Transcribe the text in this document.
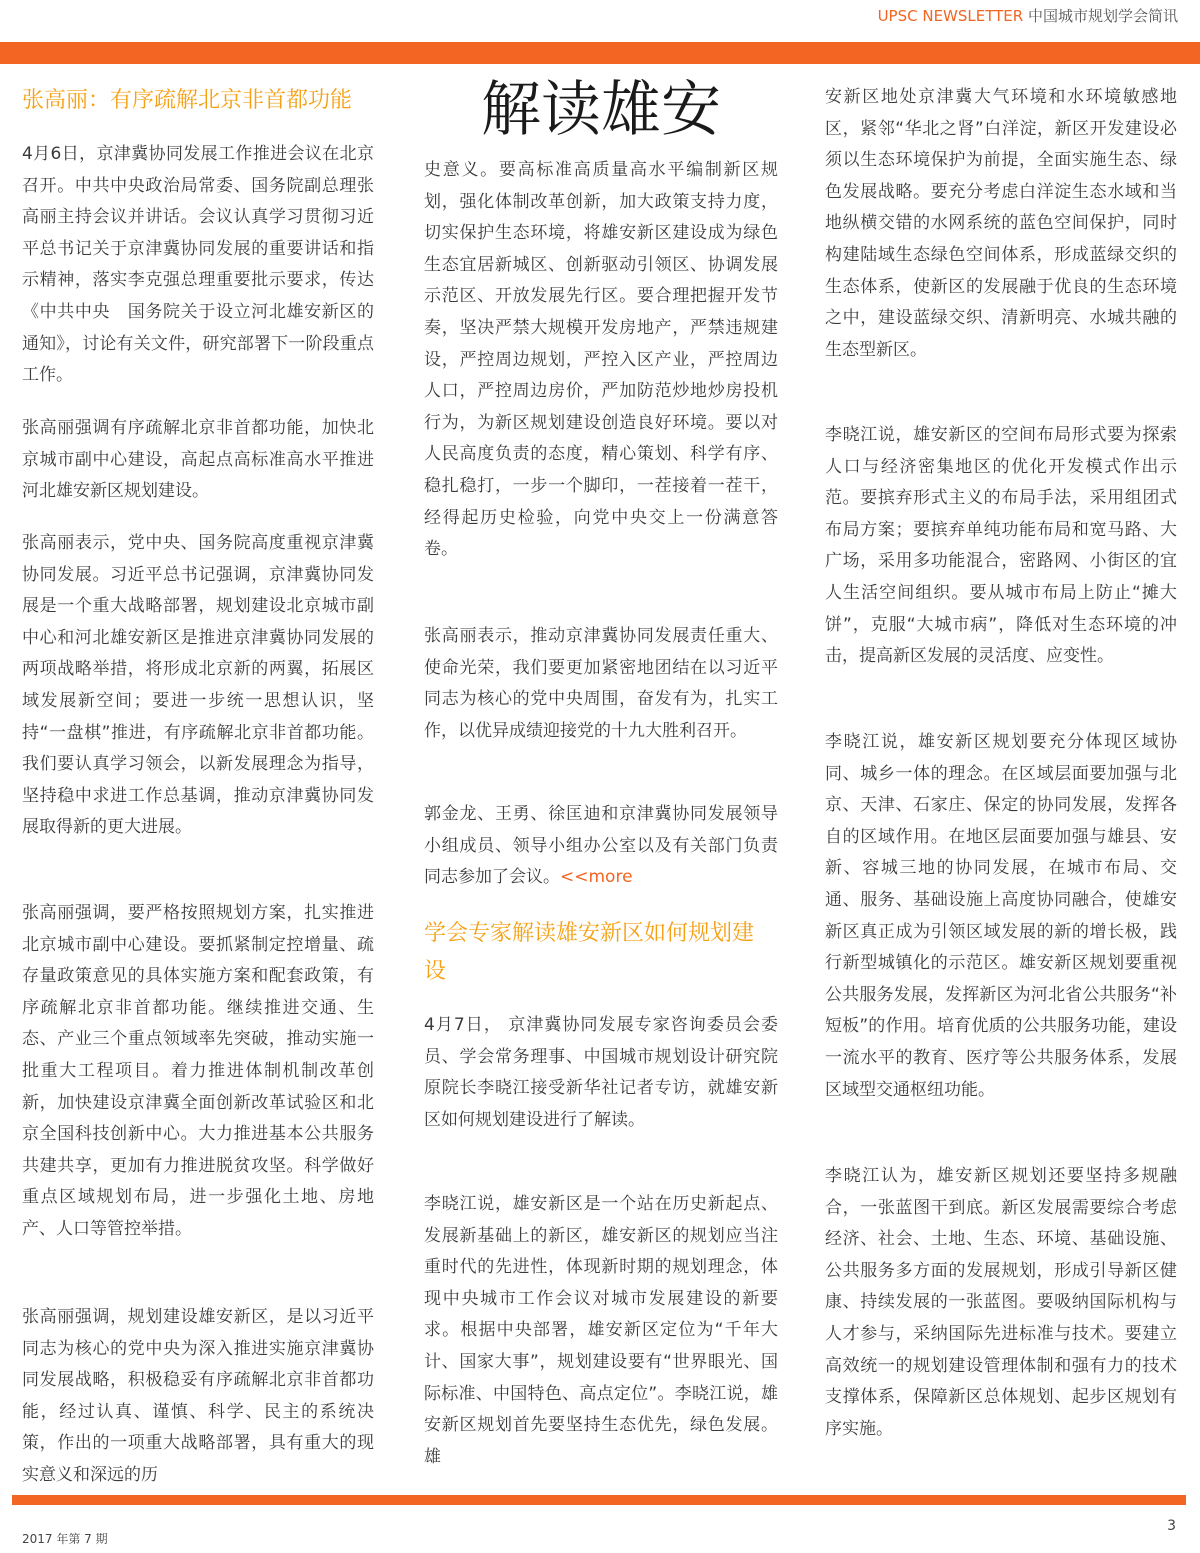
UPSC NEWSLETTER 中国城市规划学会简讯
解读雄安
张高丽：有序疏解北京非首都功能

4月6日，京津冀协同发展工作推进会议在北京召开。中共中央政治局常委、国务院副总理张高丽主持会议并讲话。会议认真学习贯彻习近平总书记关于京津冀协同发展的重要讲话和指示精神，落实李克强总理重要批示要求，传达《中共中央　国务院关于设立河北雄安新区的通知》，讨论有关文件，研究部署下一阶段重点工作。

张高丽强调有序疏解北京非首都功能，加快北京城市副中心建设，高起点高标准高水平推进河北雄安新区规划建设。

张高丽表示，党中央、国务院高度重视京津冀协同发展。习近平总书记强调，京津冀协同发展是一个重大战略部署，规划建设北京城市副中心和河北雄安新区是推进京津冀协同发展的两项战略举措，将形成北京新的两翼，拓展区域发展新空间；要进一步统一思想认识，坚持“一盘棋”推进，有序疏解北京非首都功能。我们要认真学习领会，以新发展理念为指导，坚持稳中求进工作总基调，推动京津冀协同发展取得新的更大进展。

张高丽强调，要严格按照规划方案，扎实推进北京城市副中心建设。要抓紧制定控增量、疏存量政策意见的具体实施方案和配套政策，有序疏解北京非首都功能。继续推进交通、生态、产业三个重点领域率先突破，推动实施一批重大工程项目。着力推进体制机制改革创新，加快建设京津冀全面创新改革试验区和北京全国科技创新中心。大力推进基本公共服务共建共享，更加有力推进脱贫攻坚。科学做好重点区域规划布局，进一步强化土地、房地产、人口等管控举措。

张高丽强调，规划建设雄安新区，是以习近平同志为核心的党中央为深入推进实施京津冀协同发展战略，积极稳妥有序疏解北京非首都功能，经过认真、谨慎、科学、民主的系统决策，作出的一项重大战略部署，具有重大的现实意义和深远的历

史意义。要高标准高质量高水平编制新区规划，强化体制改革创新，加大政策支持力度，切实保护生态环境，将雄安新区建设成为绿色生态宜居新城区、创新驱动引领区、协调发展示范区、开放发展先行区。要合理把握开发节奏，坚决严禁大规模开发房地产，严禁违规建设，严控周边规划，严控入区产业，严控周边人口，严控周边房价，严加防范炒地炒房投机行为，为新区规划建设创造良好环境。要以对人民高度负责的态度，精心策划、科学有序、稳扎稳打，一步一个脚印，一茬接着一茬干，经得起历史检验，向党中央交上一份满意答卷。

张高丽表示，推动京津冀协同发展责任重大、使命光荣，我们要更加紧密地团结在以习近平同志为核心的党中央周围，奋发有为，扎实工作，以优异成绩迎接党的十九大胜利召开。

郭金龙、王勇、徐匡迪和京津冀协同发展领导小组成员、领导小组办公室以及有关部门负责同志参加了会议。<<more

学会专家解读雄安新区如何规划建
设

4月7日， 京津冀协同发展专家咨询委员会委员、学会常务理事、中国城市规划设计研究院原院长李晓江接受新华社记者专访，就雄安新区如何规划建设进行了解读。

李晓江说，雄安新区是一个站在历史新起点、发展新基础上的新区，雄安新区的规划应当注重时代的先进性，体现新时期的规划理念，体现中央城市工作会议对城市发展建设的新要求。根据中央部署，雄安新区定位为“千年大计、国家大事”，规划建设要有“世界眼光、国际标准、中国特色、高点定位”。李晓江说，雄安新区规划首先要坚持生态优先，绿色发展。雄

安新区地处京津冀大气环境和水环境敏感地区，紧邻“华北之肾”白洋淀，新区开发建设必须以生态环境保护为前提，全面实施生态、绿色发展战略。要充分考虑白洋淀生态水域和当地纵横交错的水网系统的蓝色空间保护，同时构建陆域生态绿色空间体系，形成蓝绿交织的生态体系，使新区的发展融于优良的生态环境之中，建设蓝绿交织、清新明亮、水城共融的生态型新区。

李晓江说，雄安新区的空间布局形式要为探索人口与经济密集地区的优化开发模式作出示范。要摈弃形式主义的布局手法，采用组团式布局方案；要摈弃单纯功能布局和宽马路、大广场，采用多功能混合，密路网、小街区的宜人生活空间组织。要从城市布局上防止“摊大饼”，克服“大城市病”，降低对生态环境的冲击，提高新区发展的灵活度、应变性。

李晓江说，雄安新区规划要充分体现区域协同、城乡一体的理念。在区域层面要加强与北京、天津、石家庄、保定的协同发展，发挥各自的区域作用。在地区层面要加强与雄县、安新、容城三地的协同发展，在城市布局、交通、服务、基础设施上高度协同融合，使雄安新区真正成为引领区域发展的新的增长极，践行新型城镇化的示范区。雄安新区规划要重视公共服务发展，发挥新区为河北省公共服务“补短板”的作用。培育优质的公共服务功能，建设一流水平的教育、医疗等公共服务体系，发展区域型交通枢纽功能。

李晓江认为，雄安新区规划还要坚持多规融合，一张蓝图干到底。新区发展需要综合考虑经济、社会、土地、生态、环境、基础设施、公共服务多方面的发展规划，形成引导新区健康、持续发展的一张蓝图。要吸纳国际机构与人才参与，采纳国际先进标准与技术。要建立高效统一的规划建设管理体制和强有力的技术支撑体系，保障新区总体规划、起步区规划有序实施。

2017 年第 7 期
3
